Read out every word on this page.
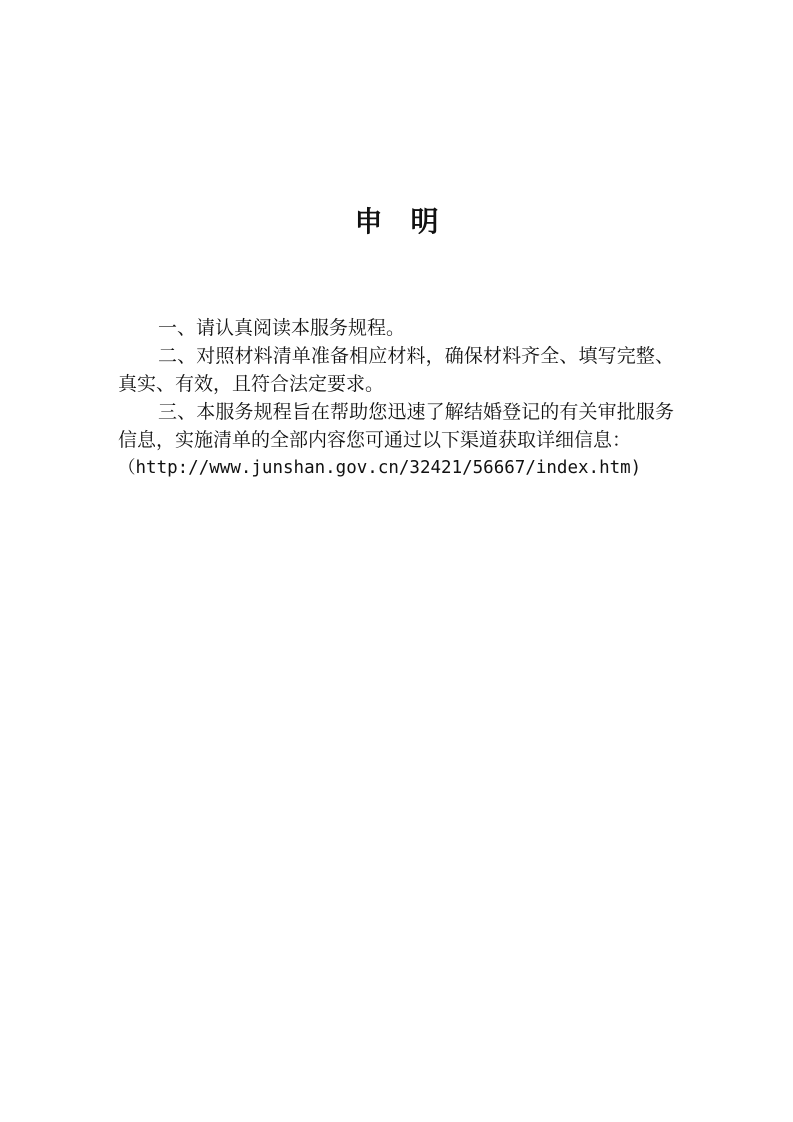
申 明

一、请认真阅读本服务规程。

二、对照材料清单准备相应材料，确保材料齐全、填写完整、真实、有效，且符合法定要求。

三、本服务规程旨在帮助您迅速了解结婚登记的有关审批服务信息，实施清单的全部内容您可通过以下渠道获取详细信息：

（http://www.junshan.gov.cn/32421/56667/index.htm)
